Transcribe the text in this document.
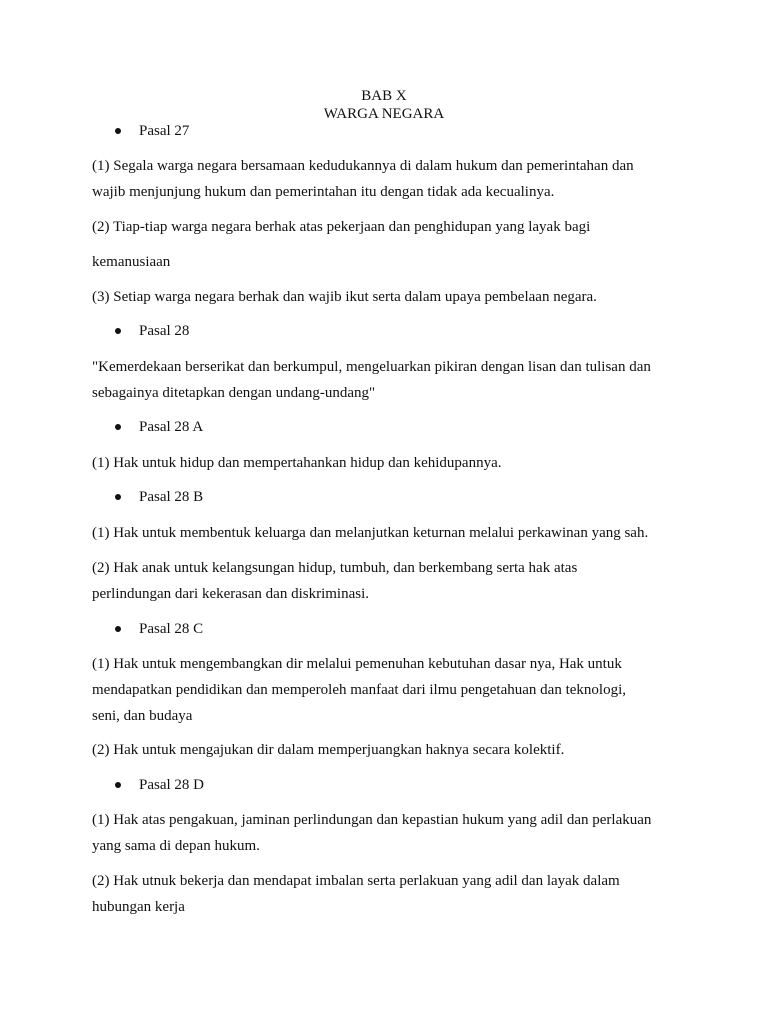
BAB X
WARGA NEGARA
Pasal 27
(1) Segala warga negara bersamaan kedudukannya di dalam hukum dan pemerintahan dan
wajib menjunjung hukum dan pemerintahan itu dengan tidak ada kecualinya.
(2) Tiap-tiap warga negara berhak atas pekerjaan dan penghidupan yang layak bagi
kemanusiaan
(3) Setiap warga negara berhak dan wajib ikut serta dalam upaya pembelaan negara.
Pasal 28
"Kemerdekaan berserikat dan berkumpul, mengeluarkan pikiran dengan lisan dan tulisan dan
sebagainya ditetapkan dengan undang-undang"
Pasal 28 A
(1) Hak untuk hidup dan mempertahankan hidup dan kehidupannya.
Pasal 28 B
(1) Hak untuk membentuk keluarga dan melanjutkan keturnan melalui perkawinan yang sah.
(2) Hak anak untuk kelangsungan hidup, tumbuh, dan berkembang serta hak atas
perlindungan dari kekerasan dan diskriminasi.
Pasal 28 C
(1) Hak untuk mengembangkan dir melalui pemenuhan kebutuhan dasar nya, Hak untuk
mendapatkan pendidikan dan memperoleh manfaat dari ilmu pengetahuan dan teknologi,
seni, dan budaya
(2) Hak untuk mengajukan dir dalam memperjuangkan haknya secara kolektif.
Pasal 28 D
(1) Hak atas pengakuan, jaminan perlindungan dan kepastian hukum yang adil dan perlakuan
yang sama di depan hukum.
(2) Hak utnuk bekerja dan mendapat imbalan serta perlakuan yang adil dan layak dalam
hubungan kerja
